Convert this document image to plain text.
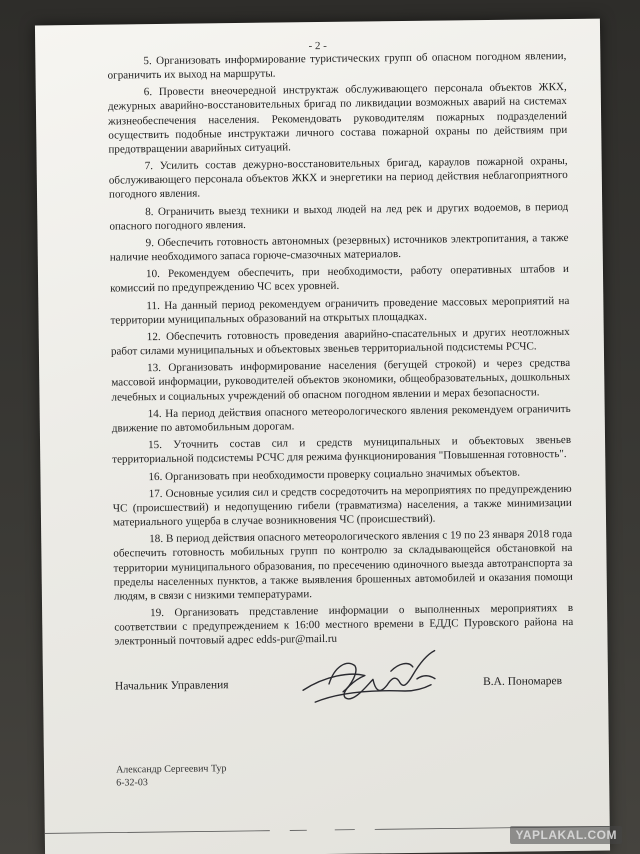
- 2 -

5. Организовать информирование туристических групп об опасном погодном явлении, ограничить их выход на маршруты.

6. Провести внеочередной инструктаж обслуживающего персонала объектов ЖКХ, дежурных аварийно-восстановительных бригад по ликвидации возможных аварий на системах жизнеобеспечения населения. Рекомендовать руководителям пожарных подразделений осуществить подобные инструктажи личного состава пожарной охраны по действиям при предотвращении аварийных ситуаций.

7. Усилить состав дежурно-восстановительных бригад, караулов пожарной охраны, обслуживающего персонала объектов ЖКХ и энергетики на период действия неблагоприятного погодного явления.

8. Ограничить выезд техники и выход людей на лед рек и других водоемов, в период опасного погодного явления.

9. Обеспечить готовность автономных (резервных) источников электропитания, а также наличие необходимого запаса горюче-смазочных материалов.

10. Рекомендуем обеспечить, при необходимости, работу оперативных штабов и комиссий по предупреждению ЧС всех уровней.

11. На данный период рекомендуем ограничить проведение массовых мероприятий на территории муниципальных образований на открытых площадках.

12. Обеспечить готовность проведения аварийно-спасательных и других неотложных работ силами муниципальных и объектовых звеньев территориальной подсистемы РСЧС.

13. Организовать информирование населения (бегущей строкой) и через средства массовой информации, руководителей объектов экономики, общеобразовательных, дошкольных лечебных и социальных учреждений об опасном погодном явлении и мерах безопасности.

14. На период действия опасного метеорологического явления рекомендуем ограничить движение по автомобильным дорогам.

15. Уточнить состав сил и средств муниципальных и объектовых звеньев территориальной подсистемы РСЧС для режима функционирования "Повышенная готовность".

16. Организовать при необходимости проверку социально значимых объектов.

17. Основные усилия сил и средств сосредоточить на мероприятиях по предупреждению ЧС (происшествий) и недопущению гибели (травматизма) населения, а также минимизации материального ущерба в случае возникновения ЧС (происшествий).

18. В период действия опасного метеорологического явления с 19 по 23 января 2018 года обеспечить готовность мобильных групп по контролю за складывающейся обстановкой на территории муниципального образования, по пресечению одиночного выезда автотранспорта за пределы населенных пунктов, а также выявления брошенных автомобилей и оказания помощи людям, в связи с низкими температурами.

19. Организовать представление информации о выполненных мероприятиях в соответствии с предупреждением к 16:00 местного времени в ЕДДС Пуровского района на электронный почтовый адрес edds-pur@mail.ru

Начальник Управления	В.А. Пономарев
Александр Сергеевич Тур
6-32-03
YAPLAKAL.COM
